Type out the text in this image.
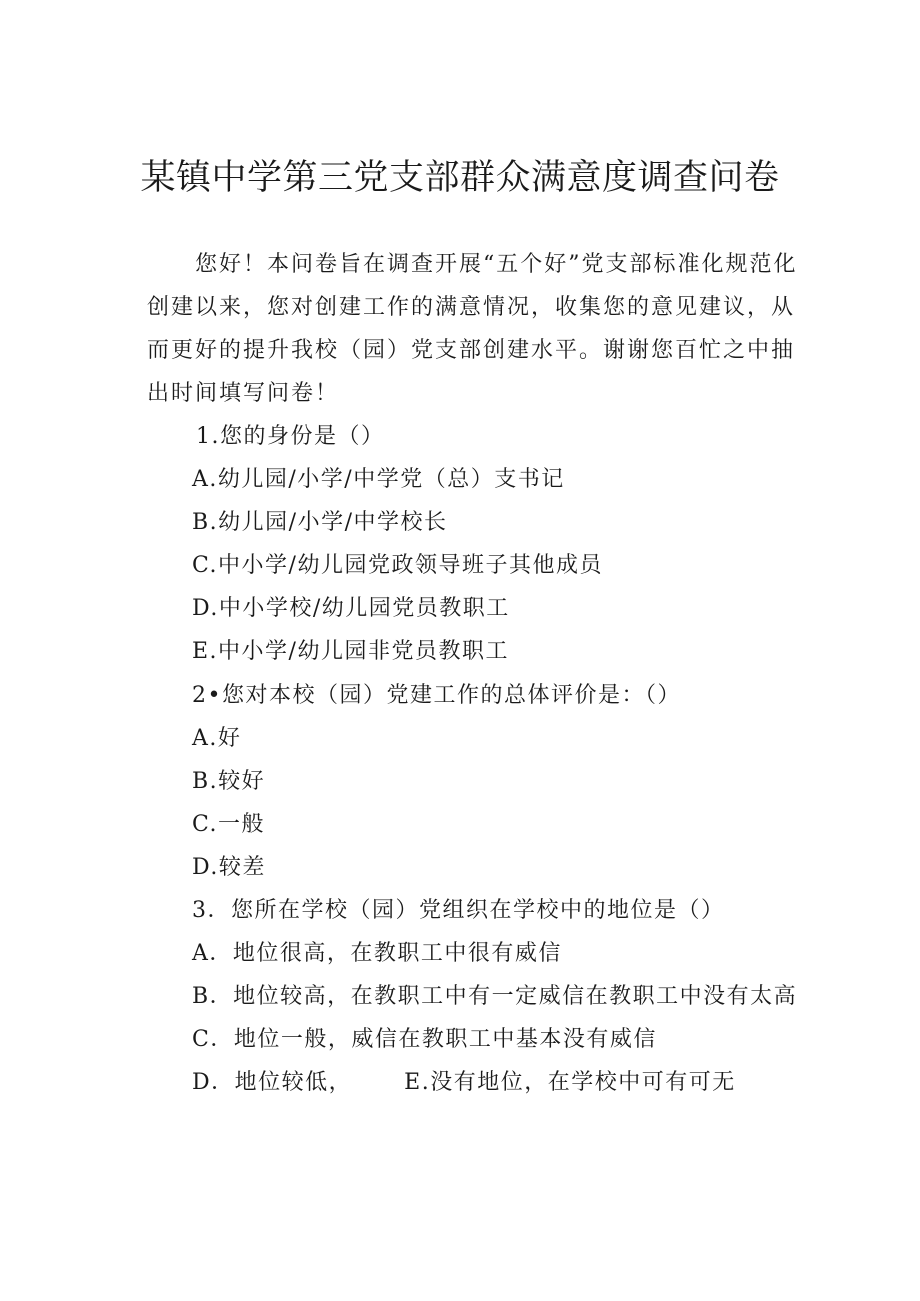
某镇中学第三党支部群众满意度调查问卷

您好！本问卷旨在调查开展“五个好”党支部标准化规范化创建以来，您对创建工作的满意情况，收集您的意见建议，从而更好的提升我校（园）党支部创建水平。谢谢您百忙之中抽出时间填写问卷！

1.您的身份是（）
A.幼儿园/小学/中学党（总）支书记
B.幼儿园/小学/中学校长
C.中小学/幼儿园党政领导班子其他成员
D.中小学校/幼儿园党员教职工
E.中小学/幼儿园非党员教职工
2•您对本校（园）党建工作的总体评价是：（）
A.好
B.较好
C.一般
D.较差
3．您所在学校（园）党组织在学校中的地位是（）
A．地位很高，在教职工中很有威信
B．地位较高，在教职工中有一定威信在教职工中没有太高
C．地位一般，威信在教职工中基本没有威信
D．地位较低， E.没有地位，在学校中可有可无
